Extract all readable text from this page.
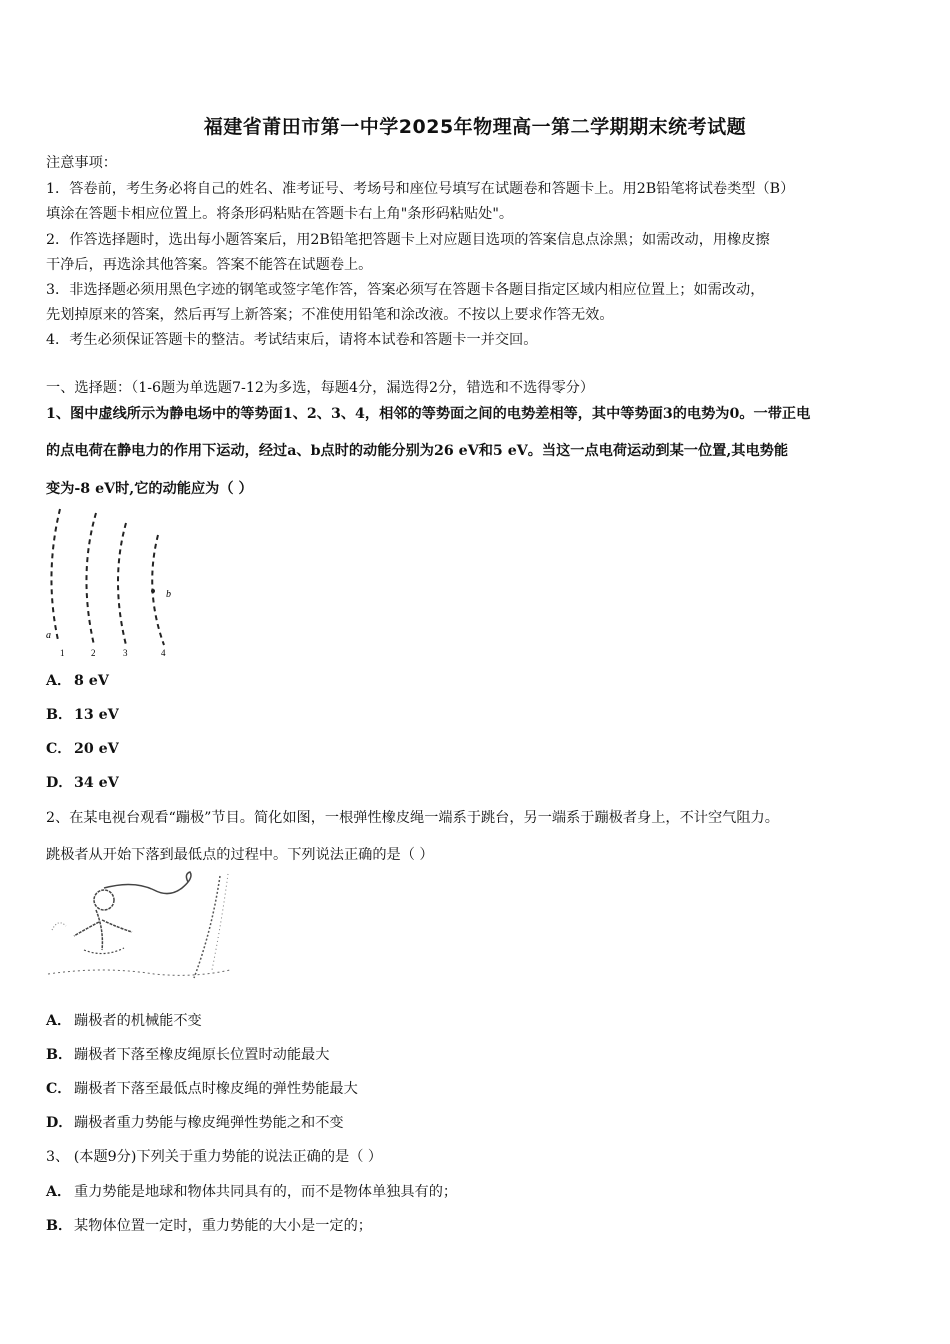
福建省莆田市第一中学2025年物理高一第二学期期末统考试题
注意事项：
1．答卷前，考生务必将自己的姓名、准考证号、考场号和座位号填写在试题卷和答题卡上。用2B铅笔将试卷类型（B）
填涂在答题卡相应位置上。将条形码粘贴在答题卡右上角"条形码粘贴处"。
2．作答选择题时，选出每小题答案后，用2B铅笔把答题卡上对应题目选项的答案信息点涂黑；如需改动，用橡皮擦
干净后，再选涂其他答案。答案不能答在试题卷上。
3．非选择题必须用黑色字迹的钢笔或签字笔作答，答案必须写在答题卡各题目指定区域内相应位置上；如需改动，
先划掉原来的答案，然后再写上新答案；不准使用铅笔和涂改液。不按以上要求作答无效。
4．考生必须保证答题卡的整洁。考试结束后，请将本试卷和答题卡一并交回。
一、选择题：（1-6题为单选题7-12为多选，每题4分，漏选得2分，错选和不选得零分）
1、图中虚线所示为静电场中的等势面1、2、3、4，相邻的等势面之间的电势差相等，其中等势面3的电势为0。一带正电
的点电荷在静电力的作用下运动，经过a、b点时的动能分别为26 eV和5 eV。当这一点电荷运动到某一位置,其电势能
变为-8 eV时,它的动能应为（ ）
a
b
1	2	3	4
A． 8 eV
B． 13 eV
C． 20 eV
D． 34 eV
2、在某电视台观看“蹦极”节目。简化如图，一根弹性橡皮绳一端系于跳台，另一端系于蹦极者身上，不计空气阻力。
跳极者从开始下落到最低点的过程中。下列说法正确的是（ ）
A． 蹦极者的机械能不变
B． 蹦极者下落至橡皮绳原长位置时动能最大
C． 蹦极者下落至最低点时橡皮绳的弹性势能最大
D． 蹦极者重力势能与橡皮绳弹性势能之和不变
3、 (本题9分)下列关于重力势能的说法正确的是（ ）
A． 重力势能是地球和物体共同具有的，而不是物体单独具有的；
B． 某物体位置一定时，重力势能的大小是一定的；
